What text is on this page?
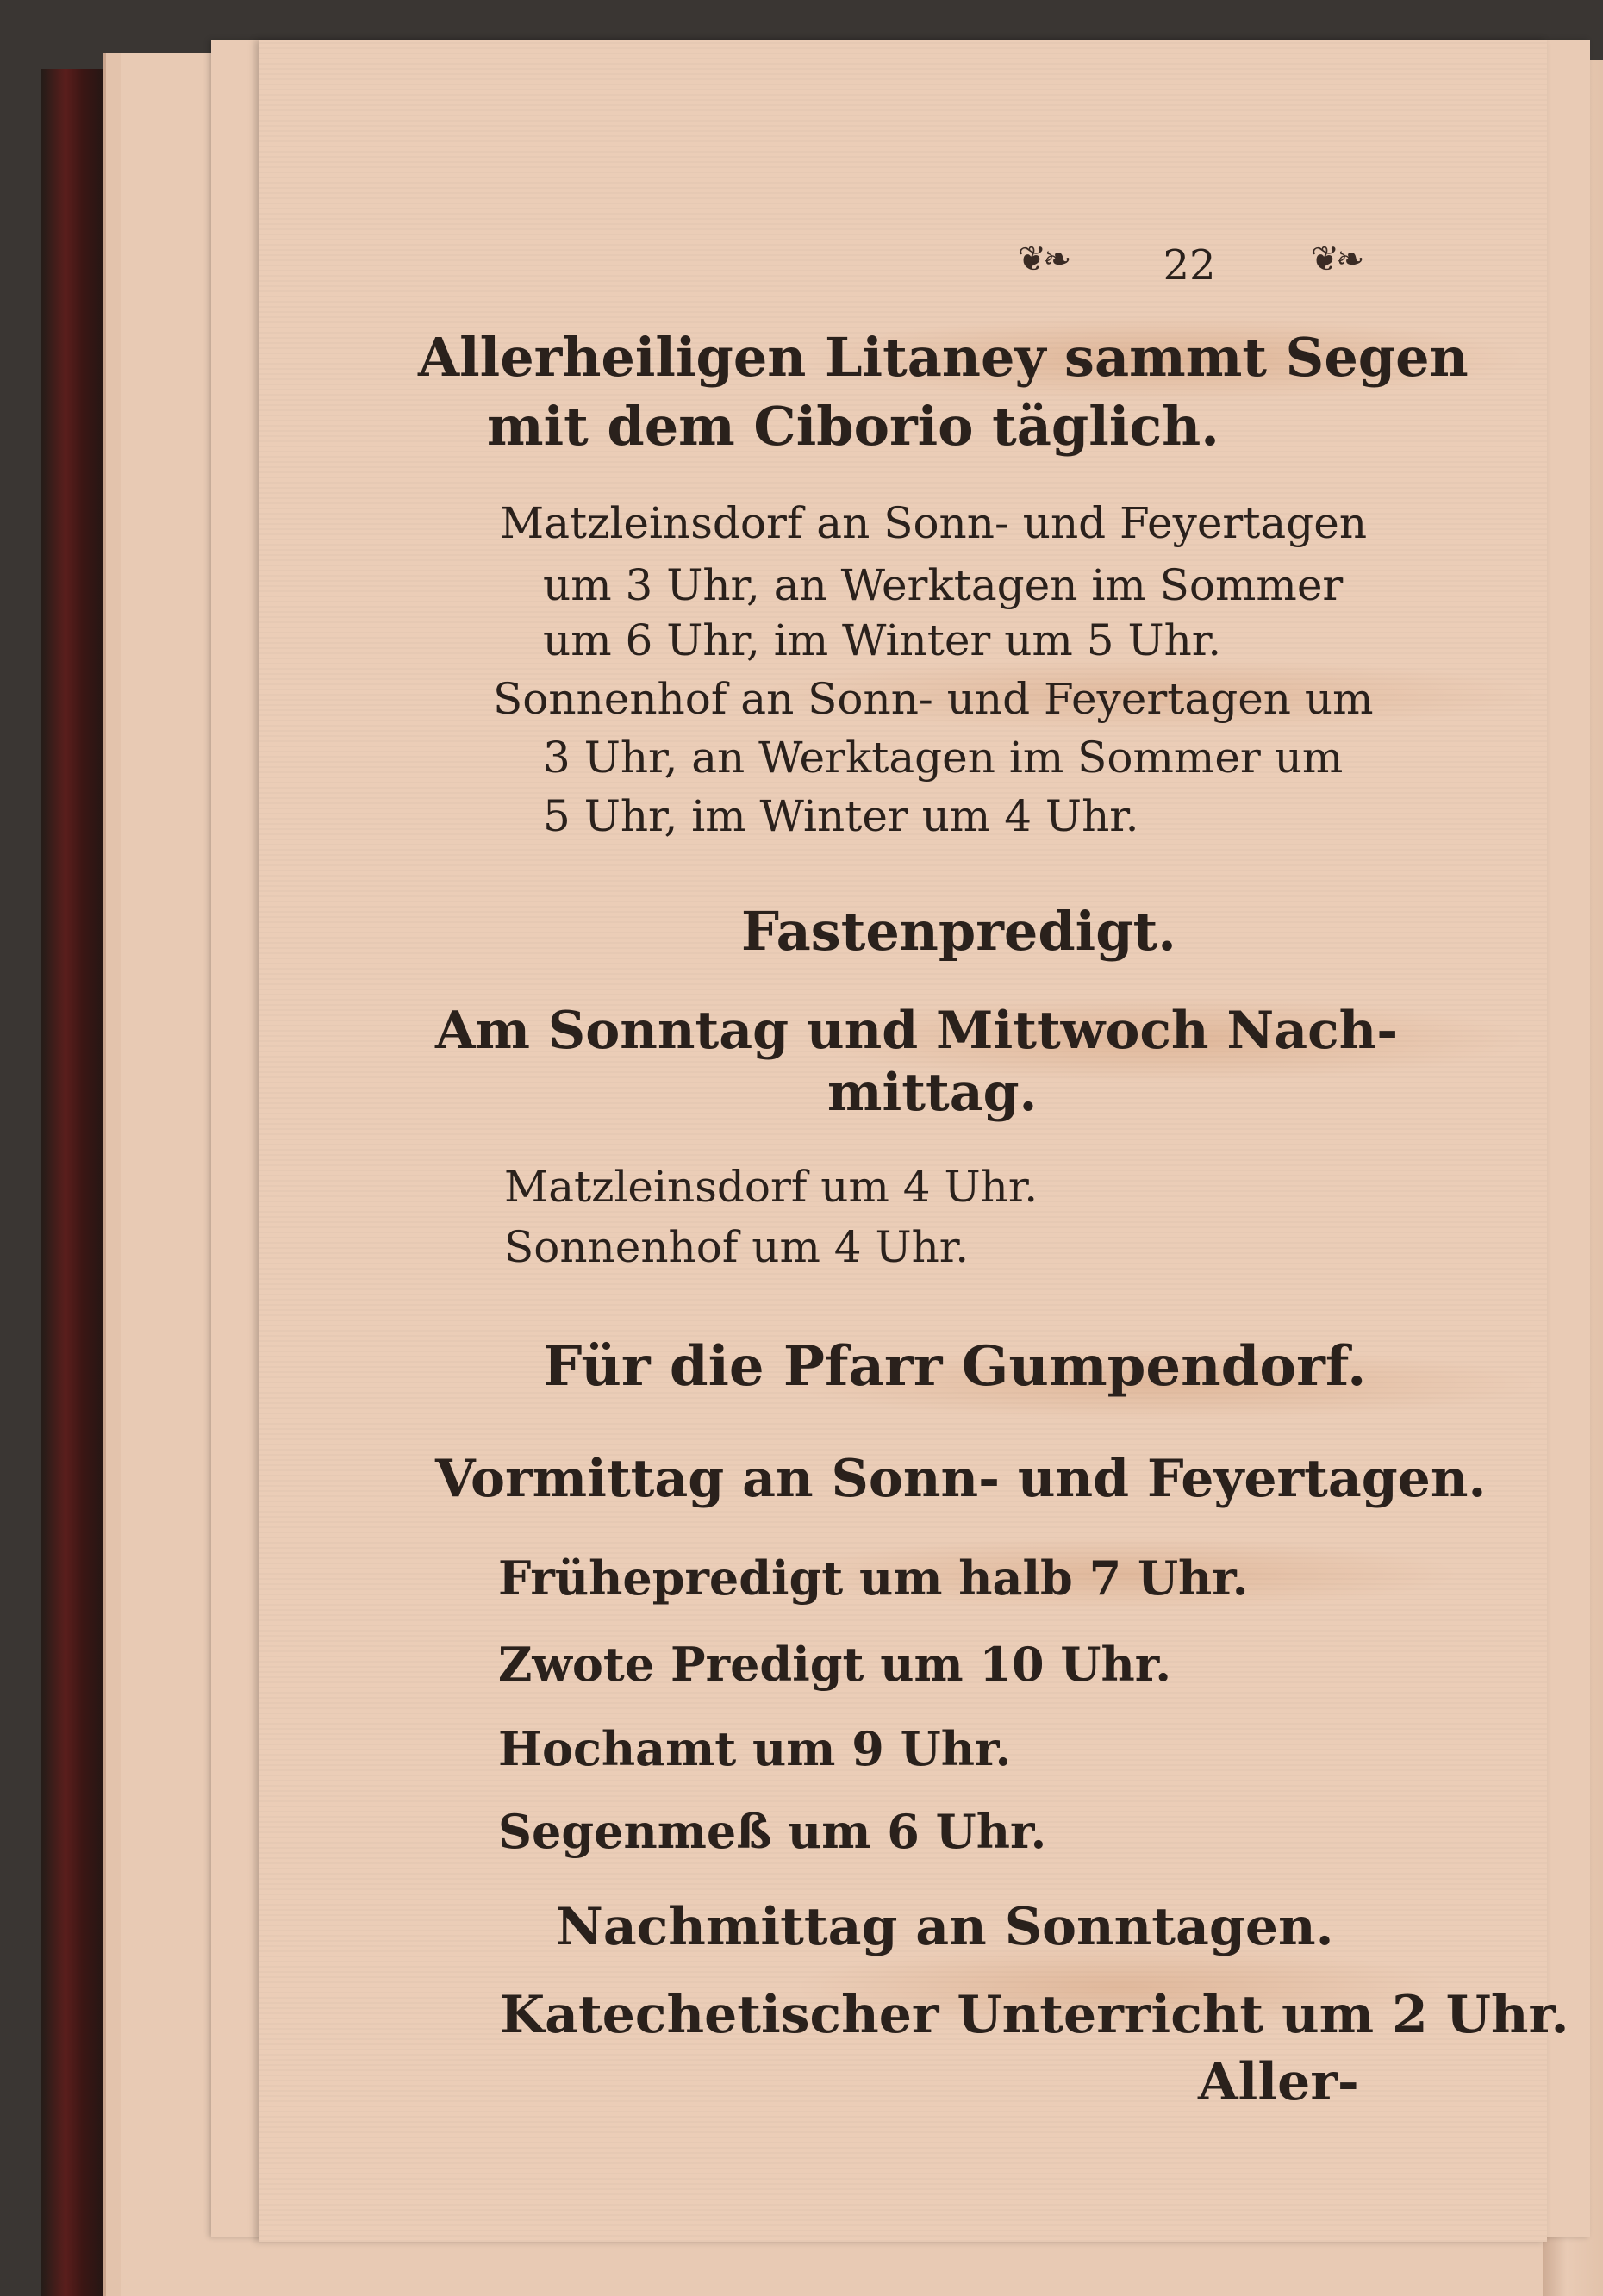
❦❧	22	❦❧
Allerheiligen Litaney sammt Segen
mit dem Ciborio täglich.
Matzleinsdorf an Sonn- und Feyertagen
um 3 Uhr, an Werktagen im Sommer
um 6 Uhr, im Winter um 5 Uhr.
Sonnenhof an Sonn- und Feyertagen um
3 Uhr, an Werktagen im Sommer um
5 Uhr, im Winter um 4 Uhr.
Fastenpredigt.
Am Sonntag und Mittwoch Nach-
mittag.
Matzleinsdorf um 4 Uhr.
Sonnenhof um 4 Uhr.
Für die Pfarr Gumpendorf.
Vormittag an Sonn- und Feyertagen.
Frühepredigt um halb 7 Uhr.
Zwote Predigt um 10 Uhr.
Hochamt um 9 Uhr.
Segenmeß um 6 Uhr.
Nachmittag an Sonntagen.
Katechetischer Unterricht um 2 Uhr.
Aller-
